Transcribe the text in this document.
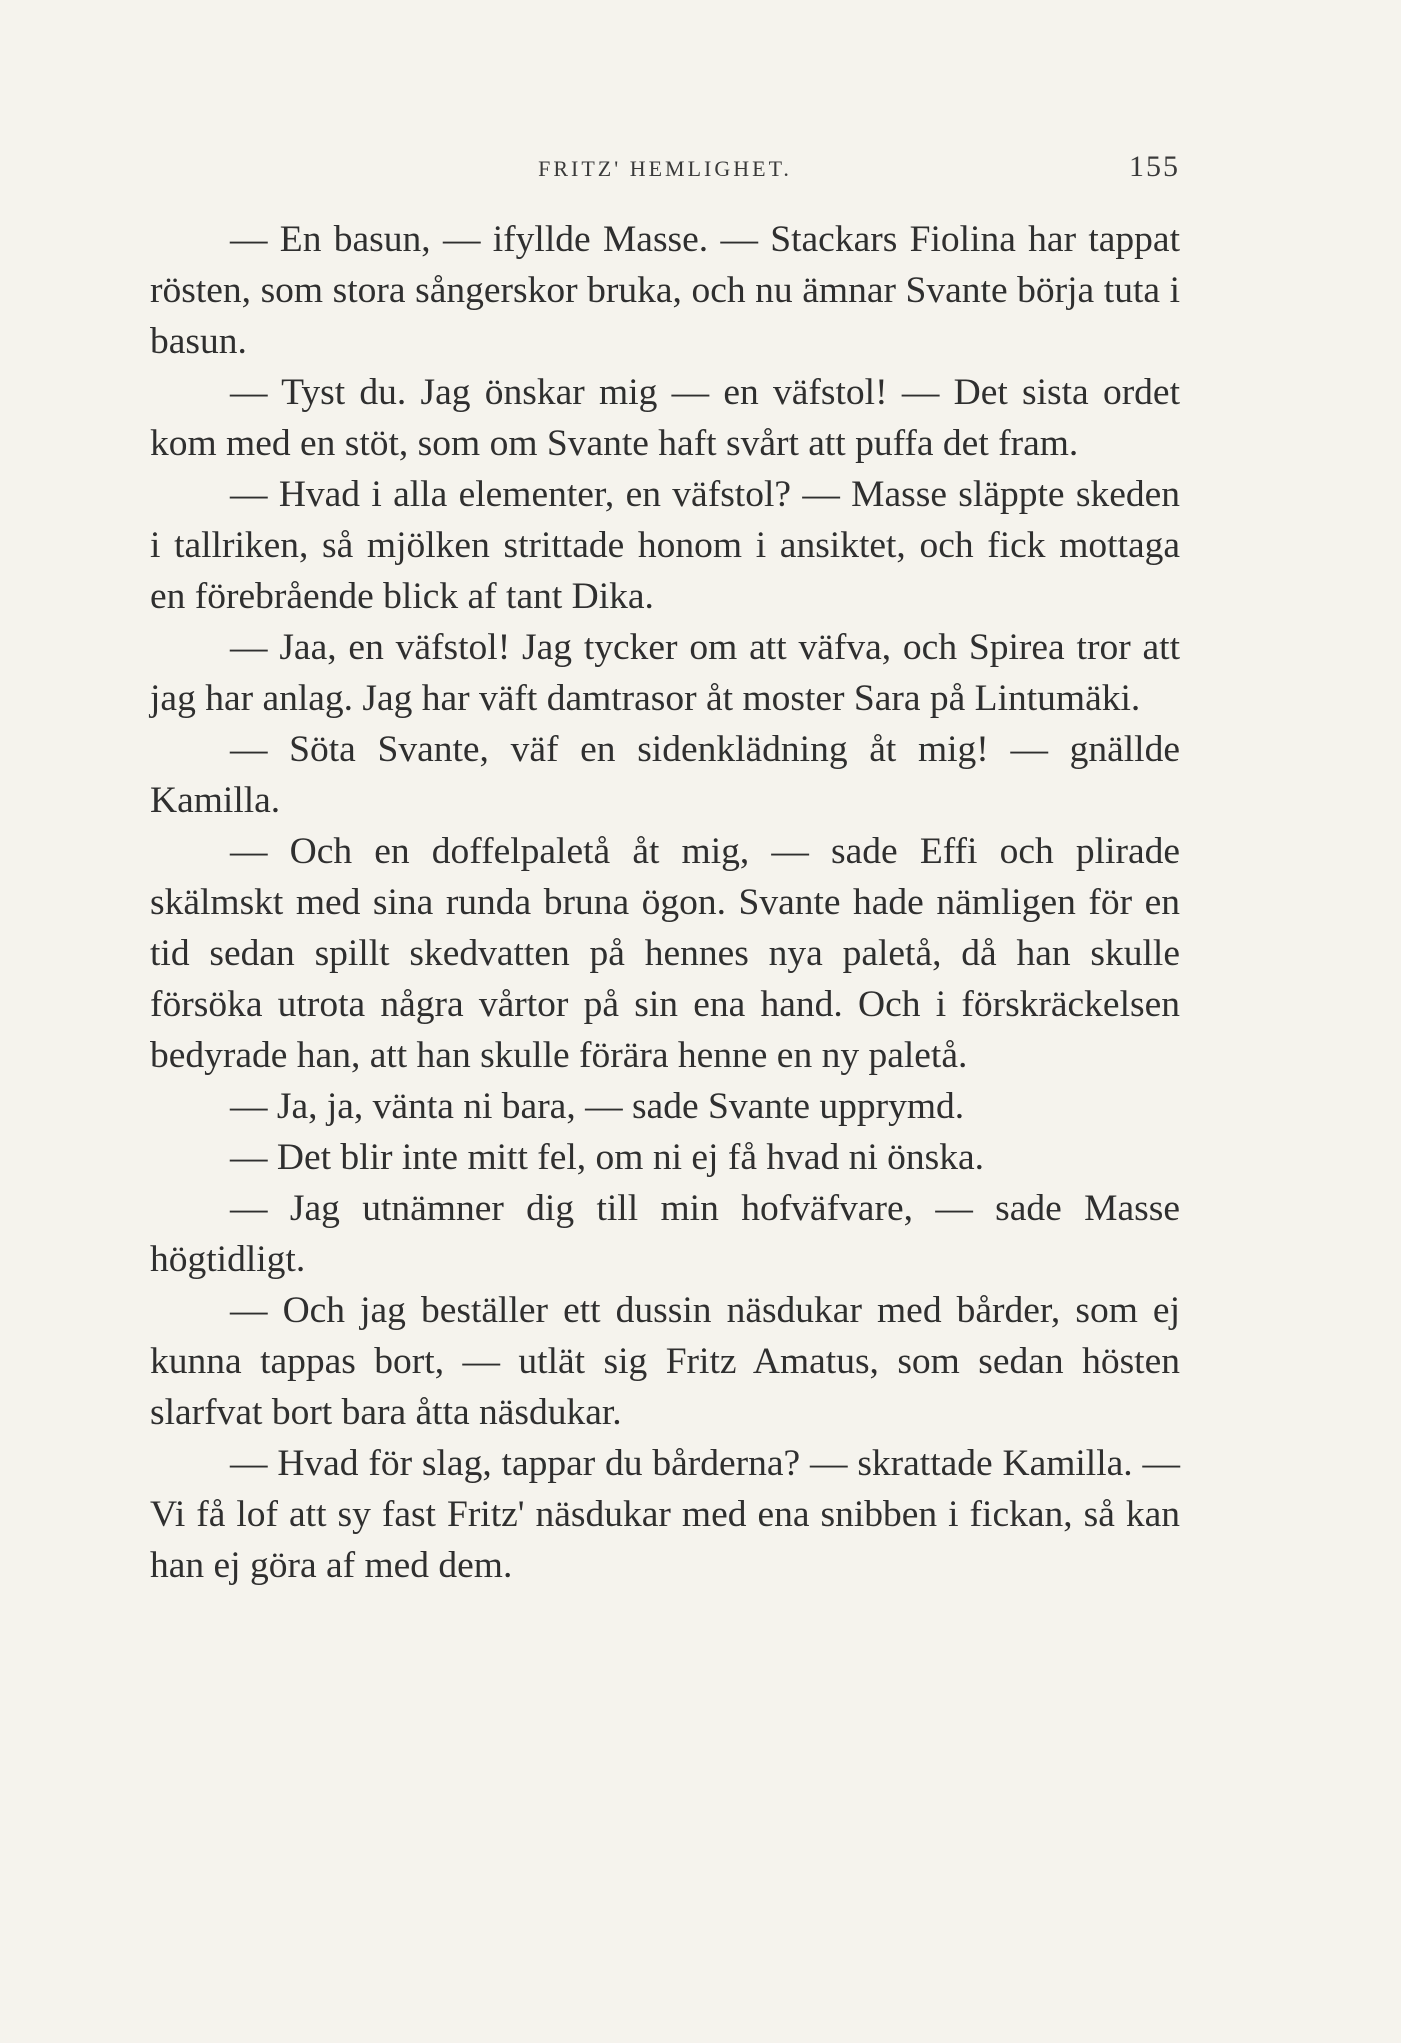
FRITZ' HEMLIGHET.	155

— En basun, — ifyllde Masse. — Stackars Fiolina har tappat rösten, som stora sångerskor bruka, och nu ämnar Svante börja tuta i basun.

— Tyst du. Jag önskar mig — en väfstol! — Det sista ordet kom med en stöt, som om Svante haft svårt att puffa det fram.

— Hvad i alla elementer, en väfstol? — Masse släppte skeden i tallriken, så mjölken strittade honom i ansiktet, och fick mottaga en förebrående blick af tant Dika.

— Jaa, en väfstol! Jag tycker om att väfva, och Spirea tror att jag har anlag. Jag har väft damtrasor åt moster Sara på Lintumäki.

— Söta Svante, väf en sidenklädning åt mig! — gnällde Kamilla.

— Och en doffelpaletå åt mig, — sade Effi och plirade skälmskt med sina runda bruna ögon. Svante hade nämligen för en tid sedan spillt skedvatten på hennes nya paletå, då han skulle försöka utrota några vårtor på sin ena hand. Och i förskräckelsen bedyrade han, att han skulle förära henne en ny paletå.

— Ja, ja, vänta ni bara, — sade Svante upprymd.

— Det blir inte mitt fel, om ni ej få hvad ni önska.

— Jag utnämner dig till min hofväfvare, — sade Masse högtidligt.

— Och jag beställer ett dussin näsdukar med bårder, som ej kunna tappas bort, — utlät sig Fritz Amatus, som sedan hösten slarfvat bort bara åtta näsdukar.

— Hvad för slag, tappar du bårderna? — skrattade Kamilla. — Vi få lof att sy fast Fritz' näsdukar med ena snibben i fickan, så kan han ej göra af med dem.
